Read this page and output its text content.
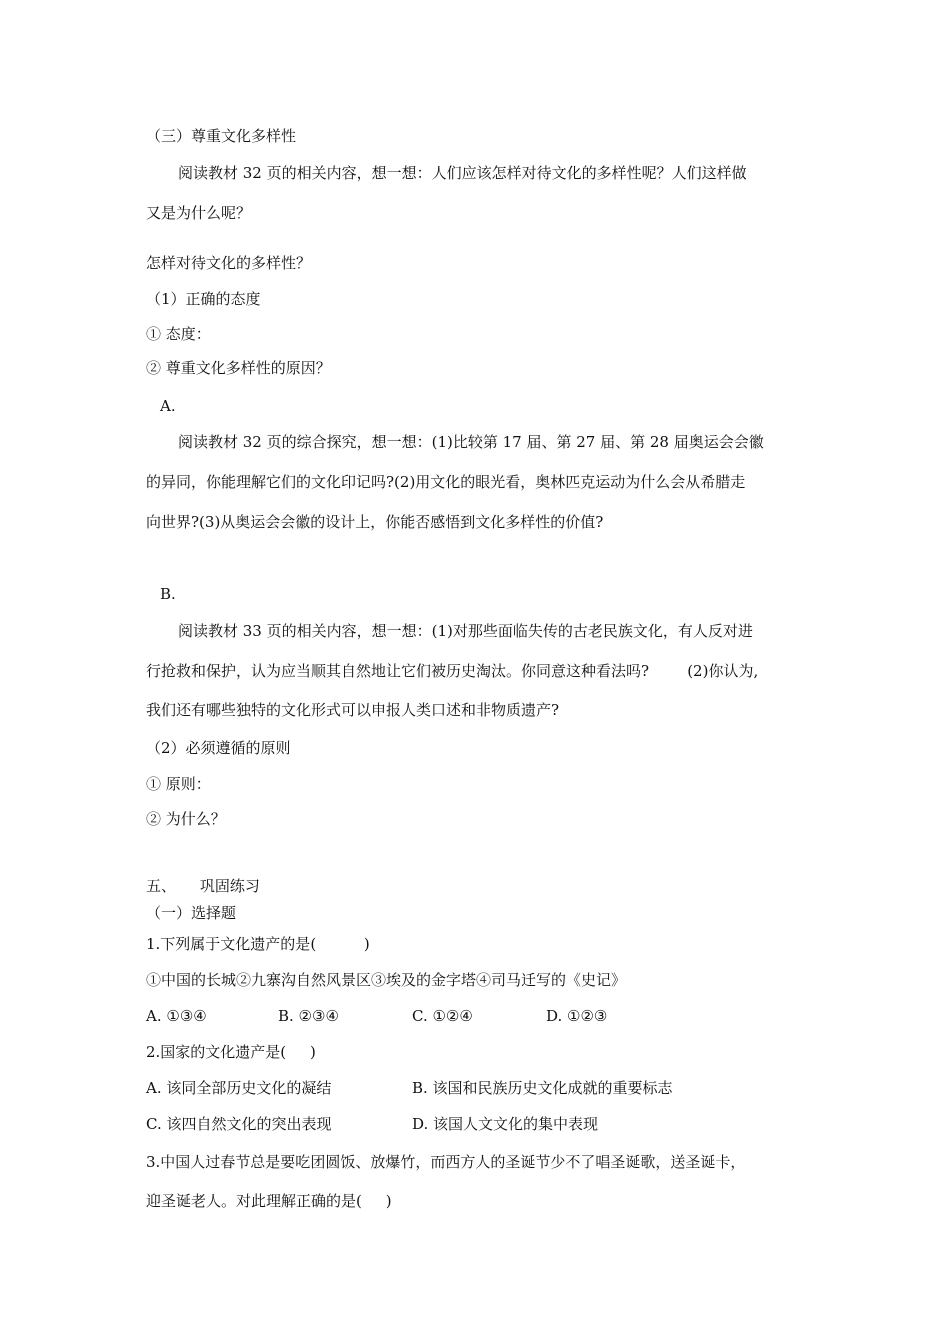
（三）尊重文化多样性
阅读教材 32 页的相关内容，想一想：人们应该怎样对待文化的多样性呢？人们这样做
又是为什么呢？
怎样对待文化的多样性？
（1）正确的态度
① 态度：
② 尊重文化多样性的原因？
A.
阅读教材 32 页的综合探究，想一想：(1)比较第 17 届、第 27 届、第 28 届奥运会会徽
的异同，你能理解它们的文化印记吗?(2)用文化的眼光看，奥林匹克运动为什么会从希腊走
向世界?(3)从奥运会会徽的设计上，你能否感悟到文化多样性的价值?
B.
阅读教材 33 页的相关内容，想一想：(1)对那些面临失传的古老民族文化，有人反对进
行抢救和保护，认为应当顺其自然地让它们被历史淘汰。你同意这种看法吗?        (2)你认为,
我们还有哪些独特的文化形式可以申报人类口述和非物质遗产?
（2）必须遵循的原则
① 原则：
② 为什么？
五、     巩固练习
（一）选择题
1.下列属于文化遗产的是(          )
①中国的长城②九寨沟自然风景区③埃及的金字塔④司马迁写的《史记》
A. ①③④	B. ②③④	C. ①②④	D. ①②③
2.国家的文化遗产是(     )
A. 该同全部历史文化的凝结	B. 该国和民族历史文化成就的重要标志
C. 该四自然文化的突出表现	D. 该国人文文化的集中表现
3.中国人过春节总是要吃团圆饭、放爆竹，而西方人的圣诞节少不了唱圣诞歌，送圣诞卡，
迎圣诞老人。对此理解正确的是(     )
